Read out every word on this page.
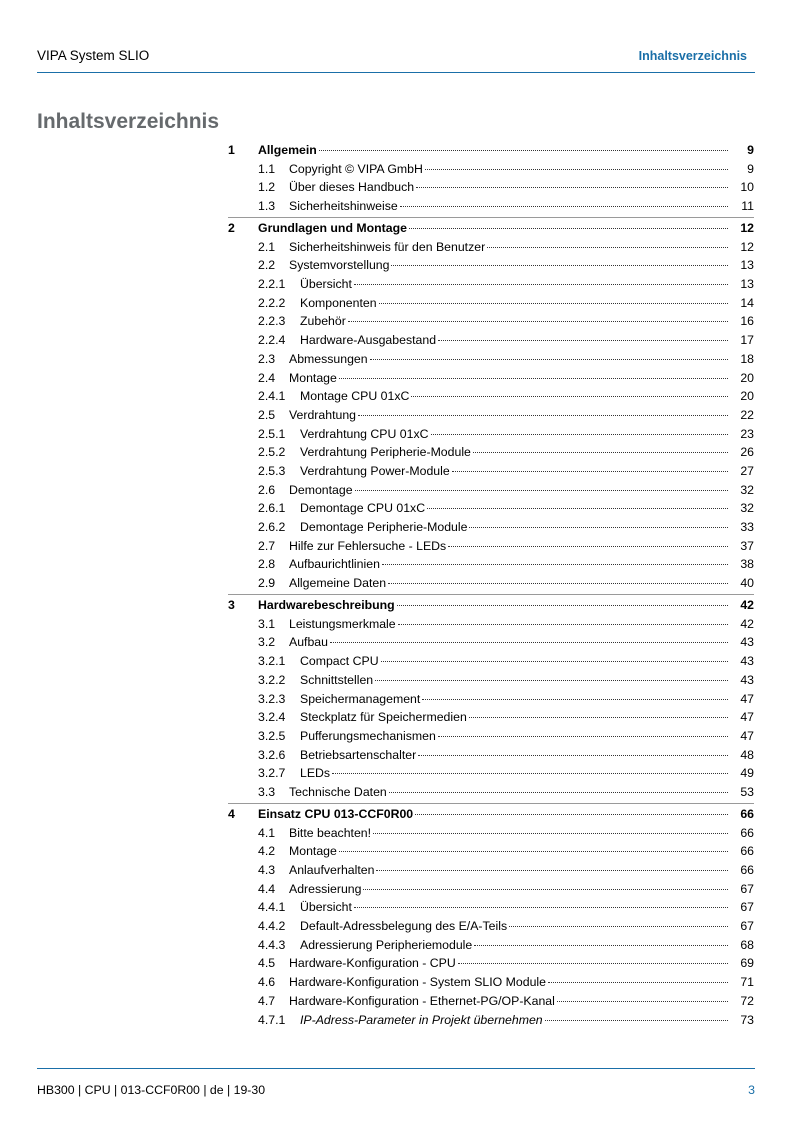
VIPA System SLIO	Inhaltsverzeichnis
Inhaltsverzeichnis
1 Allgemein	9
1.1	Copyright © VIPA GmbH	9
1.2	Über dieses Handbuch	10
1.3	Sicherheitshinweise	11
2 Grundlagen und Montage	12
2.1	Sicherheitshinweis für den Benutzer	12
2.2	Systemvorstellung	13
2.2.1	Übersicht	13
2.2.2	Komponenten	14
2.2.3	Zubehör	16
2.2.4	Hardware-Ausgabestand	17
2.3	Abmessungen	18
2.4	Montage	20
2.4.1	Montage CPU 01xC	20
2.5	Verdrahtung	22
2.5.1	Verdrahtung CPU 01xC	23
2.5.2	Verdrahtung Peripherie-Module	26
2.5.3	Verdrahtung Power-Module	27
2.6	Demontage	32
2.6.1	Demontage CPU 01xC	32
2.6.2	Demontage Peripherie-Module	33
2.7	Hilfe zur Fehlersuche - LEDs	37
2.8	Aufbaurichtlinien	38
2.9	Allgemeine Daten	40
3 Hardwarebeschreibung	42
3.1	Leistungsmerkmale	42
3.2	Aufbau	43
3.2.1	Compact CPU	43
3.2.2	Schnittstellen	43
3.2.3	Speichermanagement	47
3.2.4	Steckplatz für Speichermedien	47
3.2.5	Pufferungsmechanismen	47
3.2.6	Betriebsartenschalter	48
3.2.7	LEDs	49
3.3	Technische Daten	53
4 Einsatz CPU 013-CCF0R00	66
4.1	Bitte beachten!	66
4.2	Montage	66
4.3	Anlaufverhalten	66
4.4	Adressierung	67
4.4.1	Übersicht	67
4.4.2	Default-Adressbelegung des E/A-Teils	67
4.4.3	Adressierung Peripheriemodule	68
4.5	Hardware-Konfiguration - CPU	69
4.6	Hardware-Konfiguration - System SLIO Module	71
4.7	Hardware-Konfiguration - Ethernet-PG/OP-Kanal	72
4.7.1	IP-Adress-Parameter in Projekt übernehmen	73
HB300 | CPU | 013-CCF0R00 | de | 19-30	3
